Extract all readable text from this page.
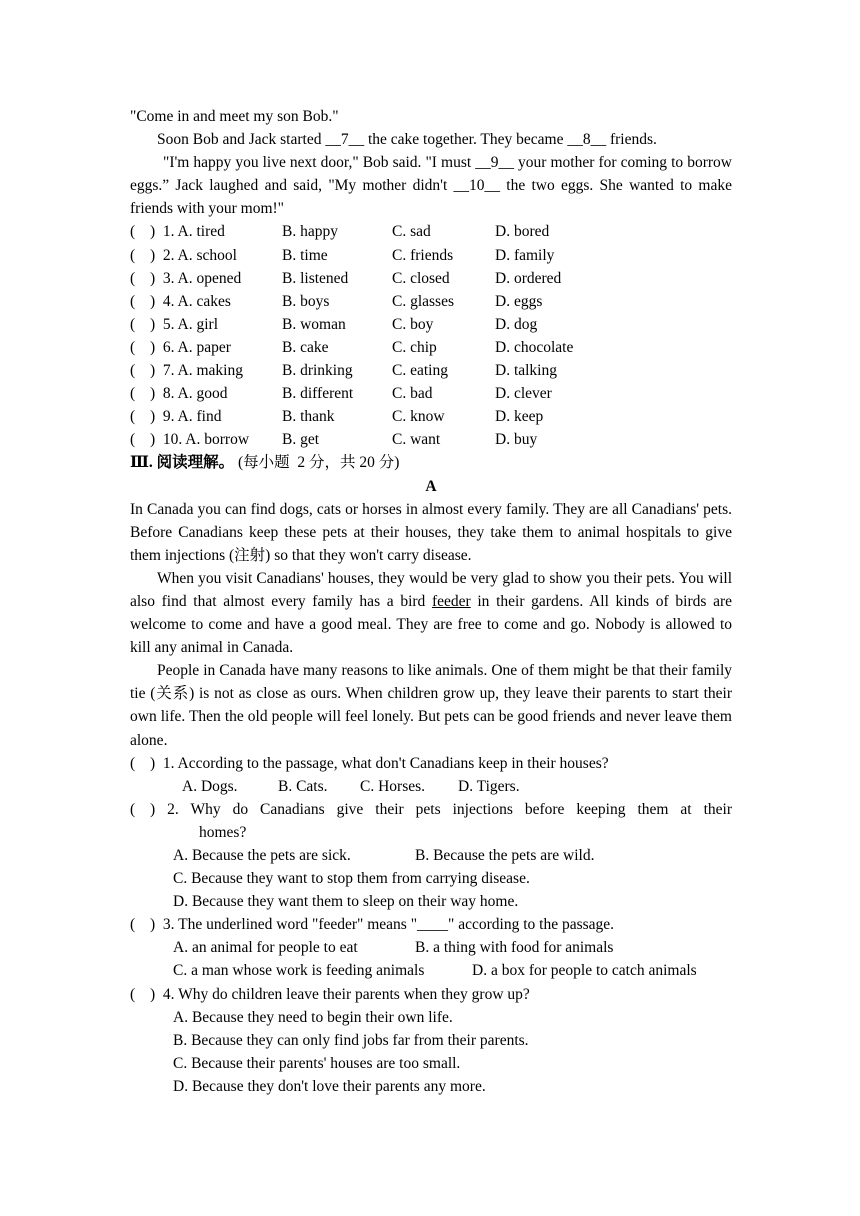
"Come in and meet my son Bob."
Soon Bob and Jack started __7__ the cake together. They became __8__ friends.
"I'm happy you live next door," Bob said. "I must __9__ your mother for coming to borrow eggs.” Jack laughed and said, "My mother didn't __10__ the two eggs. She wanted to make friends with your mom!"
( )  1. A. tired	B. happy	C. sad	D. bored
( )  2. A. school	B. time	C. friends	D. family
( )  3. A. opened	B. listened	C. closed	D. ordered
( )  4. A. cakes	B. boys	C. glasses	D. eggs
( )  5. A. girl	B. woman	C. boy	D. dog
( )  6. A. paper	B. cake	C. chip	D. chocolate
( )  7. A. making	B. drinking	C. eating	D. talking
( )  8. A. good	B. different	C. bad	D. clever
( )  9. A. find	B. thank	C. know	D. keep
( )  10. A. borrow B. get	C. want	D. buy
Ⅲ. 阅读理解。 (每小题  2 分，共 20 分)
A
In Canada you can find dogs, cats or horses in almost every family. They are all Canadians' pets. Before Canadians keep these pets at their houses, they take them to animal hospitals to give them injections (注射) so that they won't carry disease.
When you visit Canadians' houses, they would be very glad to show you their pets. You will also find that almost every family has a bird feeder in their gardens. All kinds of birds are welcome to come and have a good meal. They are free to come and go. Nobody is allowed to kill any animal in Canada.
People in Canada have many reasons to like animals. One of them might be that their family tie (关系) is not as close as ours. When children grow up, they leave their parents to start their own life. Then the old people will feel lonely. But pets can be good friends and never leave them alone.
( )  1. According to the passage, what don't Canadians keep in their houses?
A. Dogs.	B. Cats. C. Horses. D. Tigers.
( ) 2. Why do Canadians give their pets injections before keeping them at their
homes?
A. Because the pets are sick.	B. Because the pets are wild.
C. Because they want to stop them from carrying disease.
D. Because they want them to sleep on their way home.
( )  3. The underlined word "feeder" means "____" according to the passage.
A. an animal for people to eat	B. a thing with food for animals
C. a man whose work is feeding animals	D. a box for people to catch animals
( )  4. Why do children leave their parents when they grow up?
A. Because they need to begin their own life.
B. Because they can only find jobs far from their parents.
C. Because their parents' houses are too small.
D. Because they don't love their parents any more.
